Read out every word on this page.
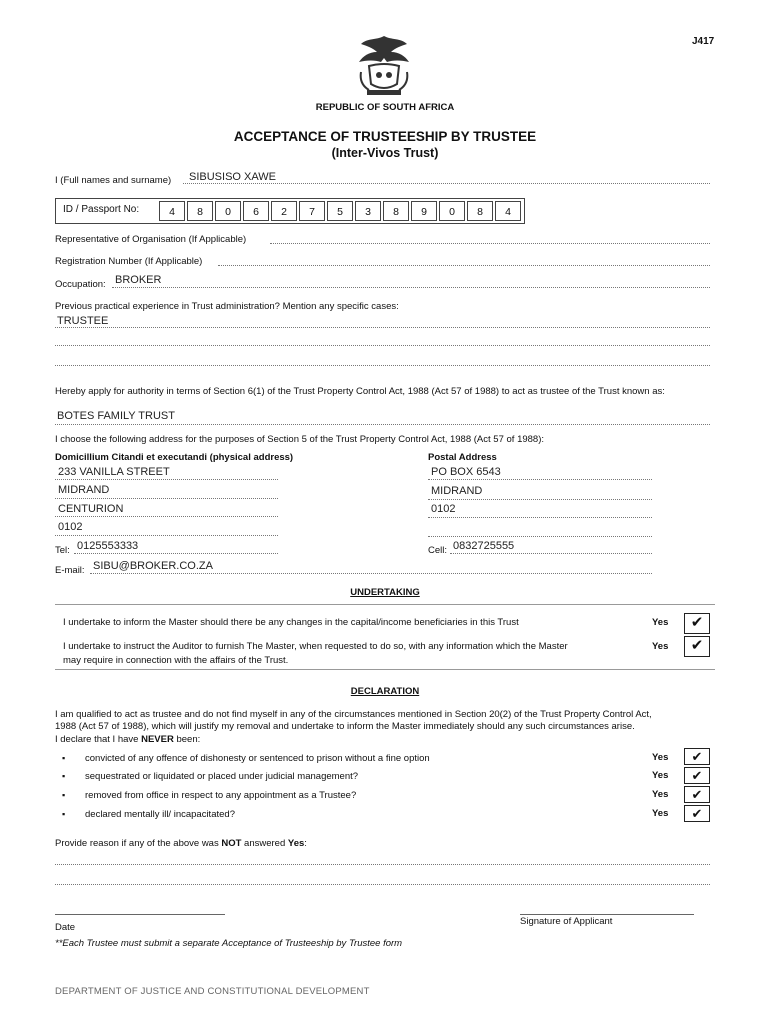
J417
REPUBLIC OF SOUTH AFRICA
ACCEPTANCE OF TRUSTEESHIP BY TRUSTEE
(Inter-Vivos Trust)
I (Full names and surname) SIBUSISO XAWE
ID / Passport No:	4	8	0	6	2	7	5	3	8	9	0	8	4
Representative of Organisation (If Applicable)
Registration Number (If Applicable)
Occupation: BROKER
Previous practical experience in Trust administration? Mention any specific cases:
TRUSTEE
Hereby apply for authority in terms of Section 6(1) of the Trust Property Control Act, 1988 (Act 57 of 1988) to act as trustee of the Trust known as:
BOTES FAMILY TRUST
I choose the following address for the purposes of Section 5 of the Trust Property Control Act, 1988 (Act 57 of 1988):
Domicillium Citandi et executandi (physical address)	Postal Address
233 VANILLA STREET
MIDRAND
CENTURION
0102
PO BOX 6543
MIDRAND
0102
Tel: 0125553333	Cell: 0832725555
E-mail: SIBU@BROKER.CO.ZA
UNDERTAKING
I undertake to inform the Master should there be any changes in the capital/income beneficiaries in this Trust	Yes	✔
I undertake to instruct the Auditor to furnish The Master, when requested to do so, with any information which the Master
may require in connection with the affairs of the Trust.
Yes	✔
DECLARATION
I am qualified to act as trustee and do not find myself in any of the circumstances mentioned in Section 20(2) of the Trust Property Control Act,
1988 (Act 57 of 1988), which will justify my removal and undertake to inform the Master immediately should any such circumstances arise.
I declare that I have NEVER been:
▪ convicted of any offence of dishonesty or sentenced to prison without a fine option	Yes	✔
▪ sequestrated or liquidated or placed under judicial management?	Yes	✔
▪ removed from office in respect to any appointment as a Trustee?	Yes	✔
▪ declared mentally ill/ incapacitated?	Yes	✔
Provide reason if any of the above was NOT answered Yes:
Date
Signature of Applicant
**Each Trustee must submit a separate Acceptance of Trusteeship by Trustee form
DEPARTMENT OF JUSTICE AND CONSTITUTIONAL DEVELOPMENT
